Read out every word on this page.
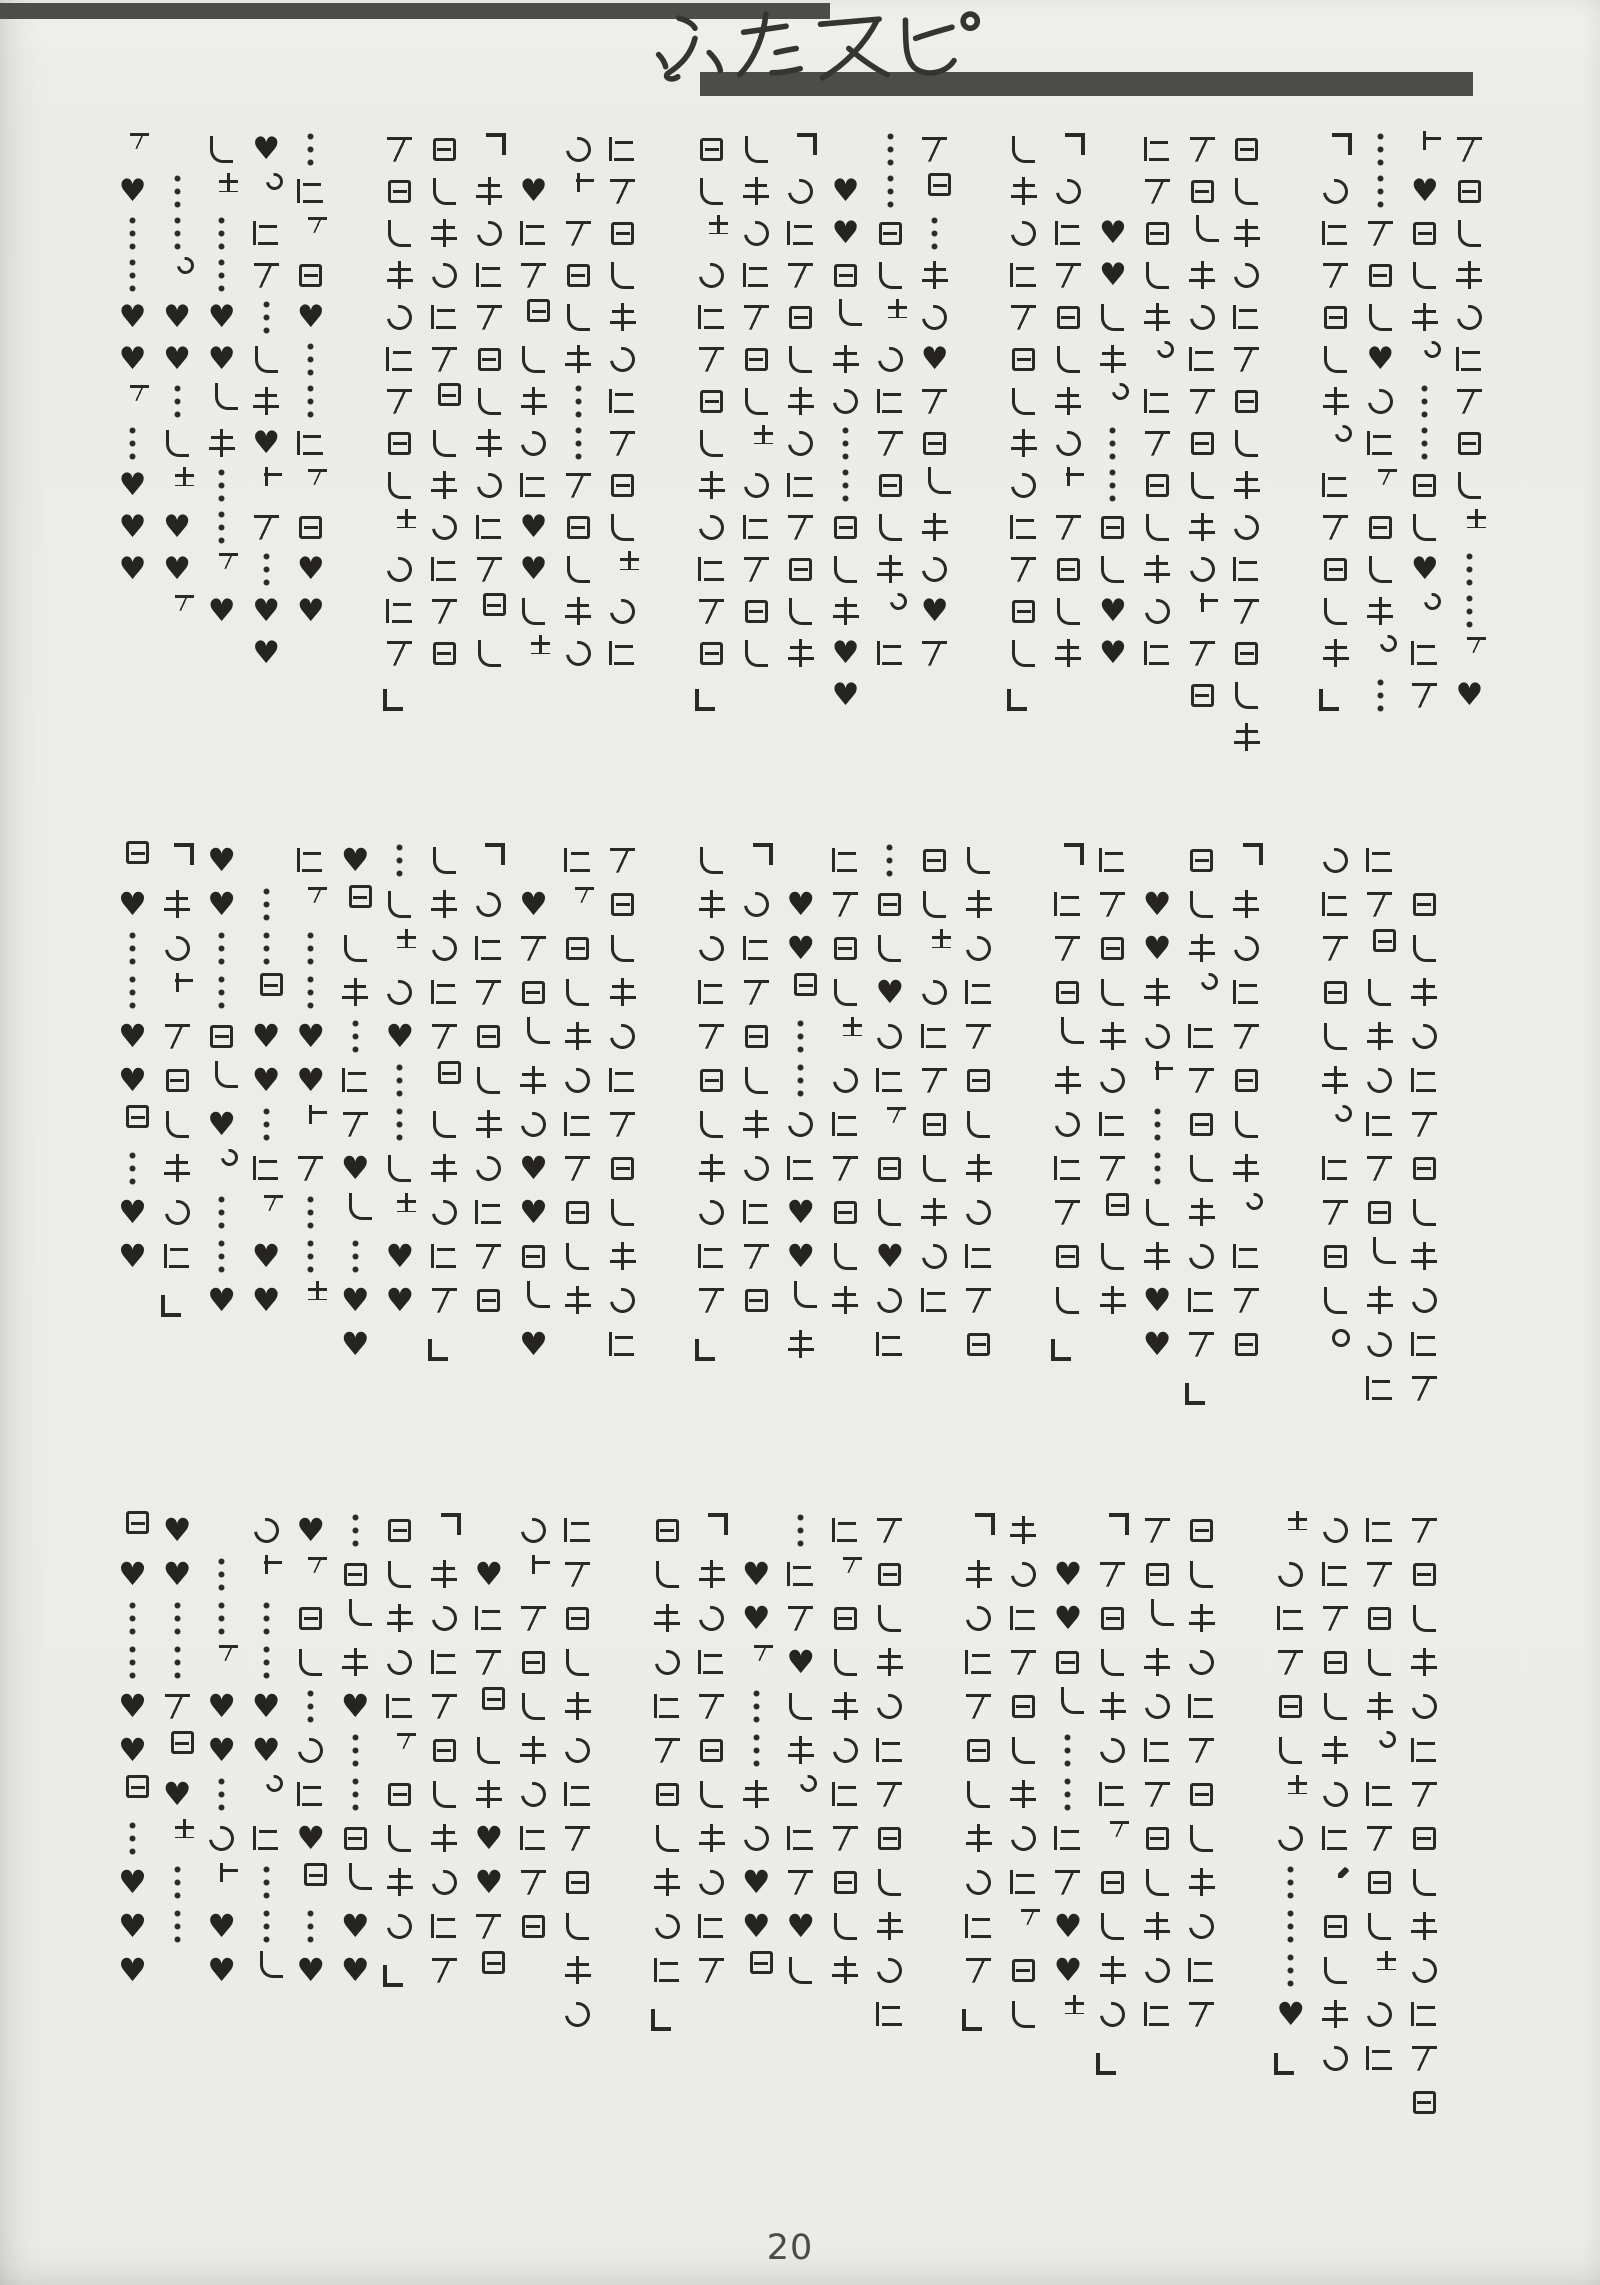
♥
♥
♥
♥
♥
♥
♥
♥
♥
♥
♥
♥
♥
♥
♥
♥
♥
♥
♥
♥
♥
♥
♥
♥
♥
♥
♥
♥
♥
♥
♥
♥
♥
♥
♥
♥
♥
♥
♥
♥
♥
♥
♥
♥
♥
♥
♥
♥
♥
♥
♥
♥
♥
♥
♥
♥
♥
♥
♥
♥
♥
♥
♥
♥
♥
♥
♥
♥
♥
♥
♥
♥
♥
♥
♥
♥
♥
♥
♥
♥
♥
♥
♥
♥
♥
♥
♥
♥
♥
♥
♥
♥
♥
♥
♥
♥
♥
♥
♥
♥
♥
♥
♥
♥
♥
♥
♥
♥
20
